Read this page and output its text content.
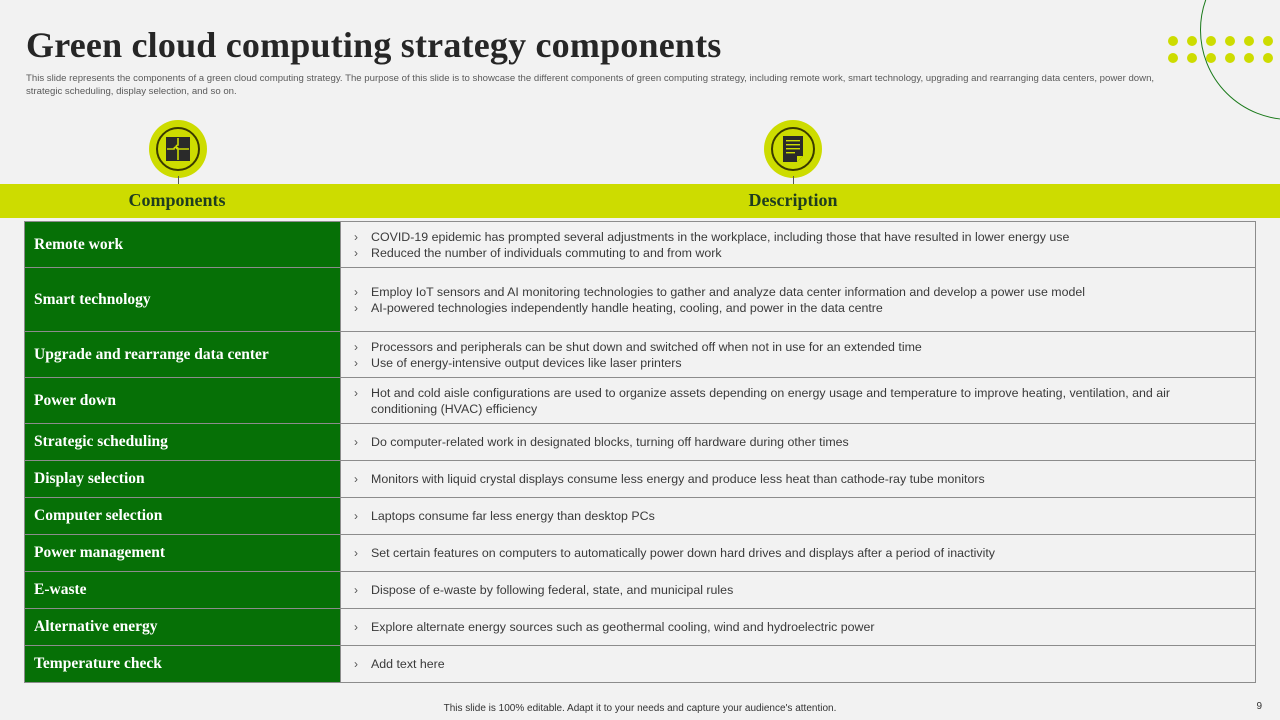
Green cloud computing strategy components
This slide represents the components of a green cloud computing strategy. The purpose of this slide is to showcase the different components of green computing strategy, including remote work, smart technology, upgrading and rearranging data centers, power down, strategic scheduling, display selection, and so on.
Components	Description
Remote work	› COVID-19 epidemic has prompted several adjustments in the workplace, including those that have resulted in lower energy use
› Reduced the number of individuals commuting to and from work

Smart technology	› Employ IoT sensors and AI monitoring technologies to gather and analyze data center information and develop a power use model
› AI-powered technologies independently handle heating, cooling, and power in the data centre

Upgrade and rearrange data center	› Processors and peripherals can be shut down and switched off when not in use for an extended time
› Use of energy-intensive output devices like laser printers

Power down	› Hot and cold aisle configurations are used to organize assets depending on energy usage and temperature to improve heating, ventilation, and air conditioning (HVAC) efficiency

Strategic scheduling	› Do computer-related work in designated blocks, turning off hardware during other times

Display selection	› Monitors with liquid crystal displays consume less energy and produce less heat than cathode-ray tube monitors

Computer selection	› Laptops consume far less energy than desktop PCs

Power management	› Set certain features on computers to automatically power down hard drives and displays after a period of inactivity

E-waste	› Dispose of e-waste by following federal, state, and municipal rules

Alternative energy	› Explore alternate energy sources such as geothermal cooling, wind and hydroelectric power

Temperature check	› Add text here
This slide is 100% editable. Adapt it to your needs and capture your audience's attention.	9
